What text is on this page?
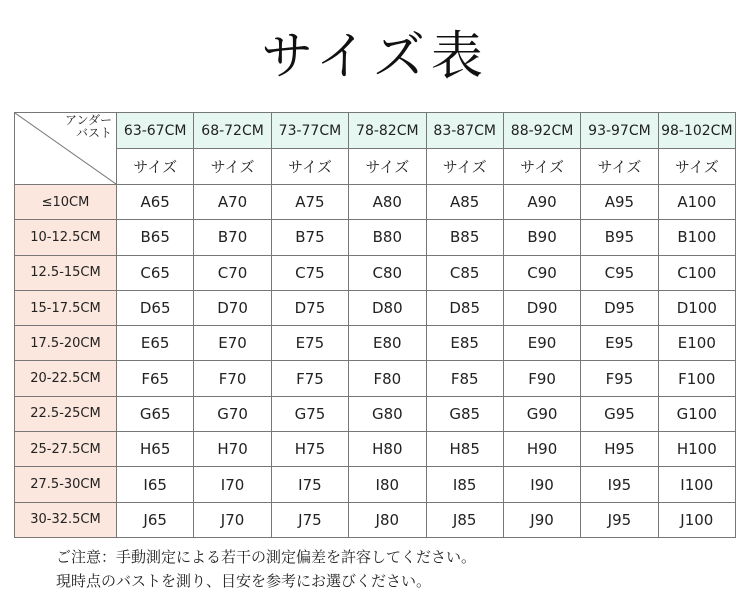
サイズ表
アンダー
バスト	63-67CM	68-72CM	73-77CM	78-82CM	83-87CM	88-92CM	93-97CM	98-102CM
	サイズ	サイズ	サイズ	サイズ	サイズ	サイズ	サイズ	サイズ
≤10CM	A65	A70	A75	A80	A85	A90	A95	A100
10-12.5CM	B65	B70	B75	B80	B85	B90	B95	B100
12.5-15CM	C65	C70	C75	C80	C85	C90	C95	C100
15-17.5CM	D65	D70	D75	D80	D85	D90	D95	D100
17.5-20CM	E65	E70	E75	E80	E85	E90	E95	E100
20-22.5CM	F65	F70	F75	F80	F85	F90	F95	F100
22.5-25CM	G65	G70	G75	G80	G85	G90	G95	G100
25-27.5CM	H65	H70	H75	H80	H85	H90	H95	H100
27.5-30CM	I65	I70	I75	I80	I85	I90	I95	I100
30-32.5CM	J65	J70	J75	J80	J85	J90	J95	J100
ご注意：手動測定による若干の測定偏差を許容してください。
現時点のバストを測り、目安を参考にお選びください。
